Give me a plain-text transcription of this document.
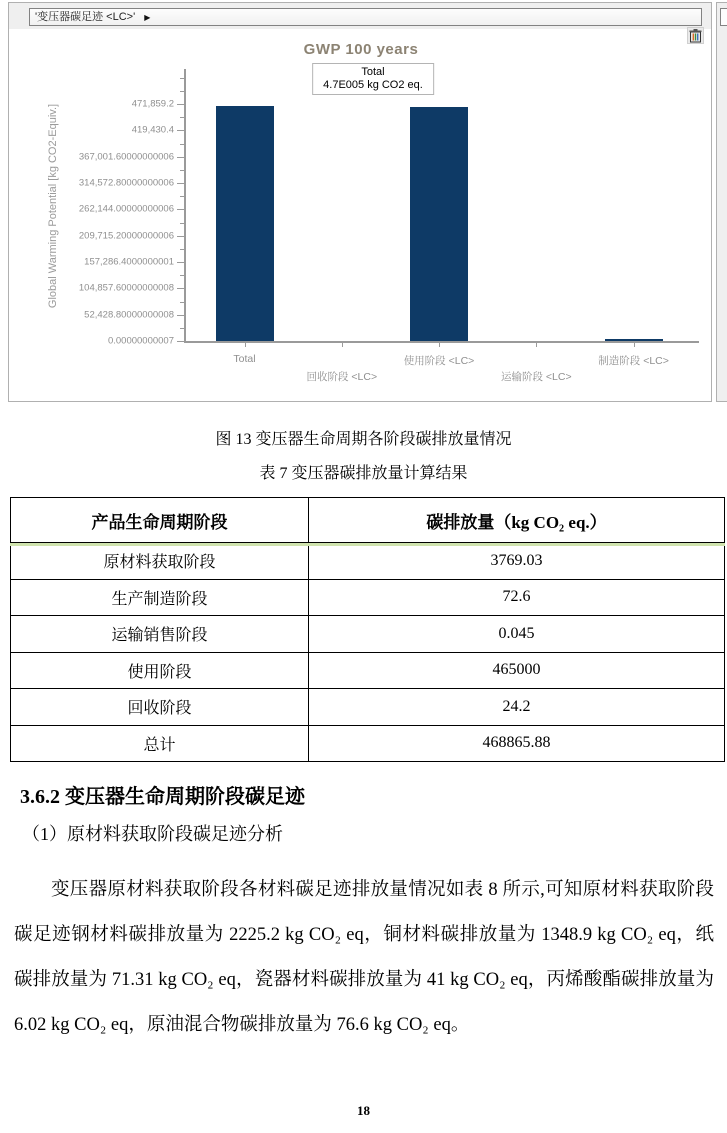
'变压器碳足迹 <LC>' ▶
GWP 100 years
Total
4.7E005 kg CO2 eq.
Global Warming Potential [kg CO2-Equiv.]	471,859.2
419,430.4
367,001.60000000006
314,572.80000000006
262,144.00000000006
209,715.20000000006
157,286.4000000001
104,857.60000000008
52,428.80000000008
0.00000000007
Total
回收阶段 <LC>
使用阶段 <LC>
运输阶段 <LC>
制造阶段 <LC>
图 13 变压器生命周期各阶段碳排放量情况
表 7 变压器碳排放量计算结果
产品生命周期阶段	碳排放量（kg CO₂ eq.）
原材料获取阶段	3769.03
生产制造阶段	72.6
运输销售阶段	0.045
使用阶段	465000
回收阶段	24.2
总计	468865.88
3.6.2 变压器生命周期阶段碳足迹
（1）原材料获取阶段碳足迹分析
变压器原材料获取阶段各材料碳足迹排放量情况如表 8 所示,可知原材料获取阶段碳足迹钢材料碳排放量为 2225.2 kg CO₂ eq，铜材料碳排放量为 1348.9 kg CO₂ eq，纸碳排放量为 71.31 kg CO₂ eq，瓷器材料碳排放量为 41 kg CO₂ eq，丙烯酸酯碳排放量为 6.02 kg CO₂ eq，原油混合物碳排放量为 76.6 kg CO₂ eq。
18
